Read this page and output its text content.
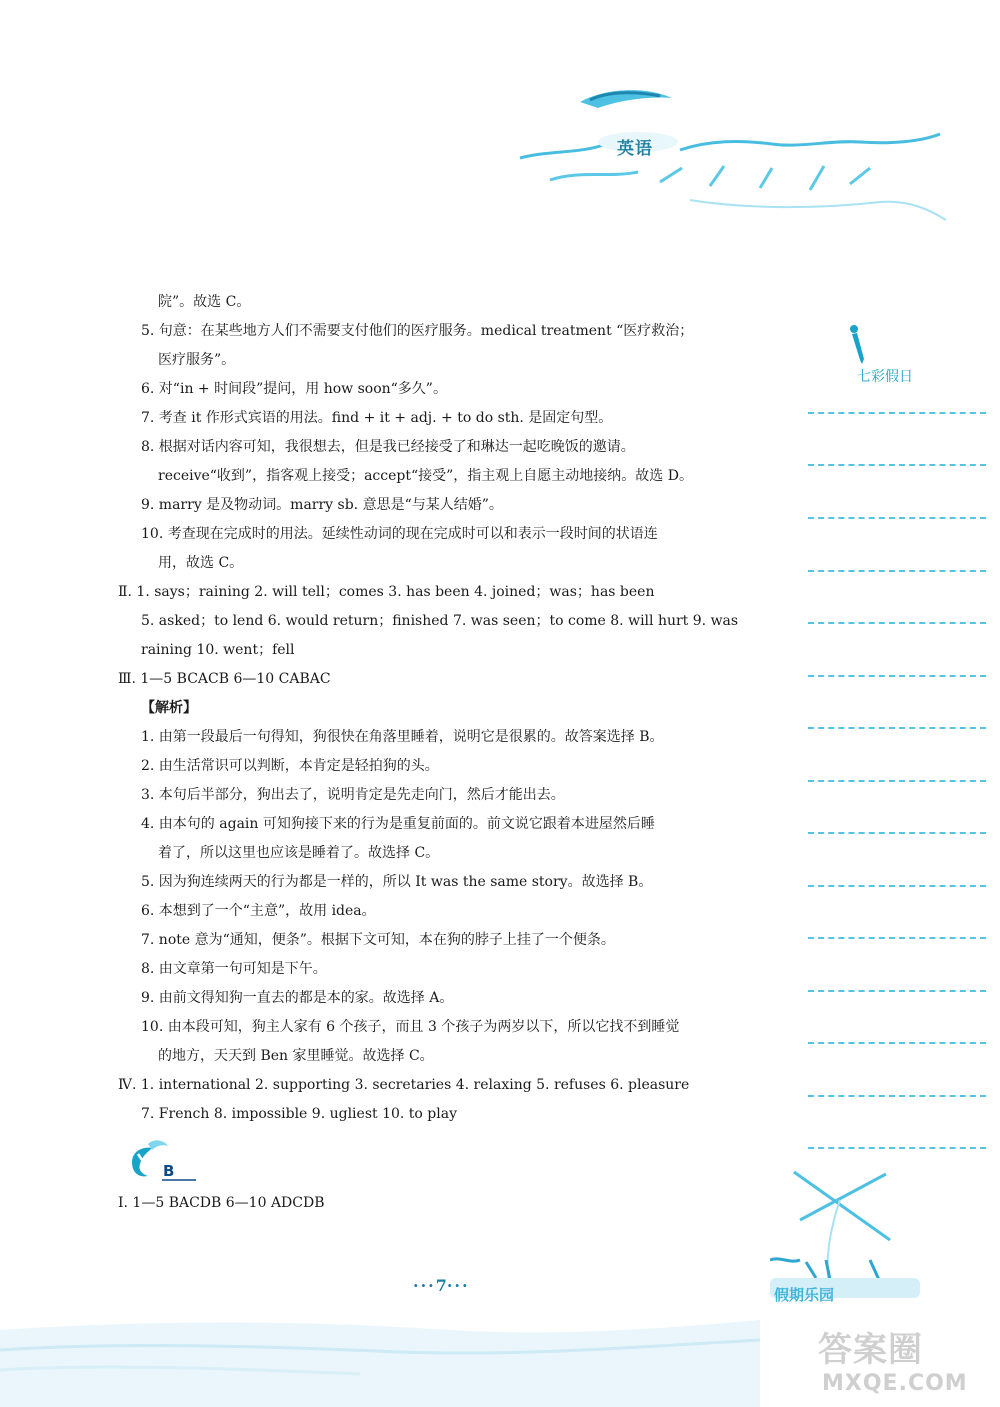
英语
七彩假日
院”。故选 C。
5. 句意：在某些地方人们不需要支付他们的医疗服务。medical treatment “医疗救治；
医疗服务”。
6. 对“in + 时间段”提问，用 how soon“多久”。
7. 考查 it 作形式宾语的用法。find + it + adj. + to do sth. 是固定句型。
8. 根据对话内容可知，我很想去，但是我已经接受了和琳达一起吃晚饭的邀请。
receive“收到”，指客观上接受；accept“接受”，指主观上自愿主动地接纳。故选 D。
9. marry 是及物动词。marry sb. 意思是“与某人结婚”。
10. 考查现在完成时的用法。延续性动词的现在完成时可以和表示一段时间的状语连
用，故选 C。
Ⅱ. 1. says；raining 2. will tell；comes 3. has been 4. joined；was；has been
5. asked；to lend 6. would return；finished 7. was seen；to come 8. will hurt 9. was
raining 10. went；fell
Ⅲ. 1—5 BCACB 6—10 CABAC
【解析】
1. 由第一段最后一句得知，狗很快在角落里睡着，说明它是很累的。故答案选择 B。
2. 由生活常识可以判断，本肯定是轻拍狗的头。
3. 本句后半部分，狗出去了，说明肯定是先走向门，然后才能出去。
4. 由本句的 again 可知狗接下来的行为是重复前面的。前文说它跟着本进屋然后睡
着了，所以这里也应该是睡着了。故选择 C。
5. 因为狗连续两天的行为都是一样的，所以 It was the same story。故选择 B。
6. 本想到了一个“主意”，故用 idea。
7. note 意为“通知，便条”。根据下文可知，本在狗的脖子上挂了一个便条。
8. 由文章第一句可知是下午。
9. 由前文得知狗一直去的都是本的家。故选择 A。
10. 由本段可知，狗主人家有 6 个孩子，而且 3 个孩子为两岁以下，所以它找不到睡觉
的地方，天天到 Ben 家里睡觉。故选择 C。
Ⅳ. 1. international 2. supporting 3. secretaries 4. relaxing 5. refuses 6. pleasure
7. French 8. impossible 9. ugliest 10. to play
Ⅰ. 1—5 BACDB 6—10 ADCDB
B
···7···	假期乐园
答案圈
MXQE.COM
